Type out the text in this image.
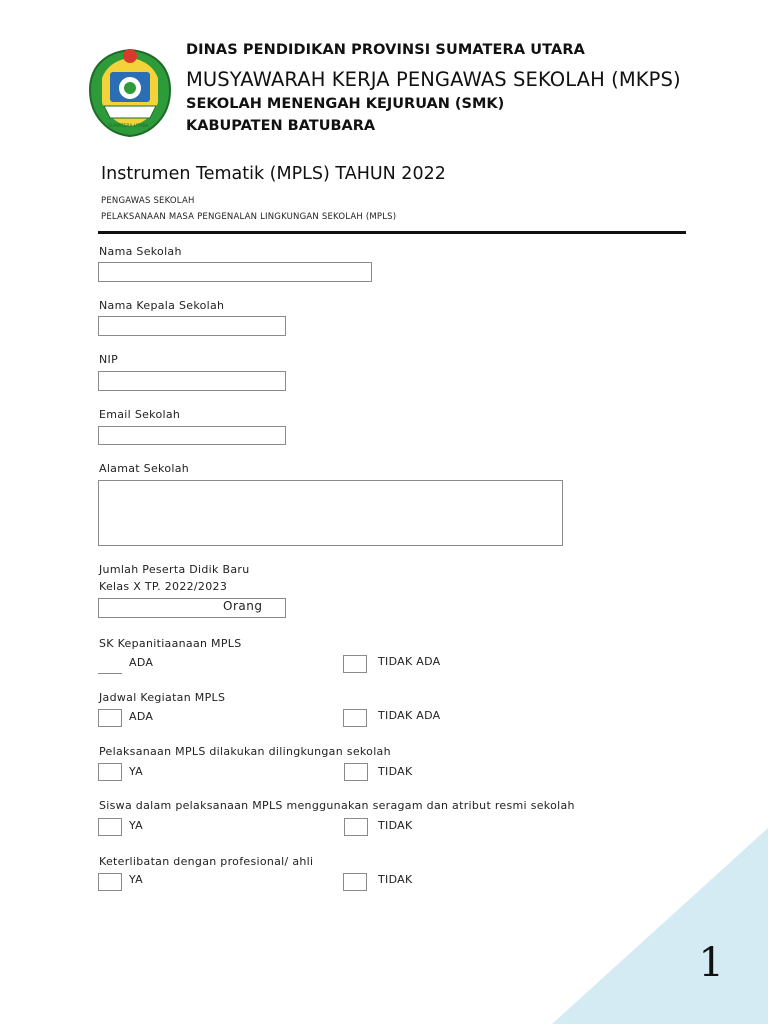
SUMATERA UTARA
DINAS PENDIDIKAN PROVINSI SUMATERA UTARA
MUSYAWARAH KERJA PENGAWAS SEKOLAH (MKPS)
SEKOLAH MENENGAH KEJURUAN (SMK)
KABUPATEN BATUBARA
Instrumen Tematik (MPLS) TAHUN 2022
PENGAWAS SEKOLAH
PELAKSANAAN MASA PENGENALAN LINGKUNGAN SEKOLAH (MPLS)
Nama Sekolah
Nama Kepala Sekolah
NIP
Email Sekolah
Alamat Sekolah
Jumlah Peserta Didik Baru
Kelas X TP. 2022/2023
Orang
SK Kepanitiaanaan MPLS
ADA	TIDAK ADA
Jadwal Kegiatan MPLS
ADA	TIDAK ADA
Pelaksanaan MPLS dilakukan dilingkungan sekolah
YA	TIDAK
Siswa dalam pelaksanaan MPLS menggunakan seragam dan atribut resmi sekolah
YA	TIDAK
Keterlibatan dengan profesional/ ahli
YA	TIDAK
1
